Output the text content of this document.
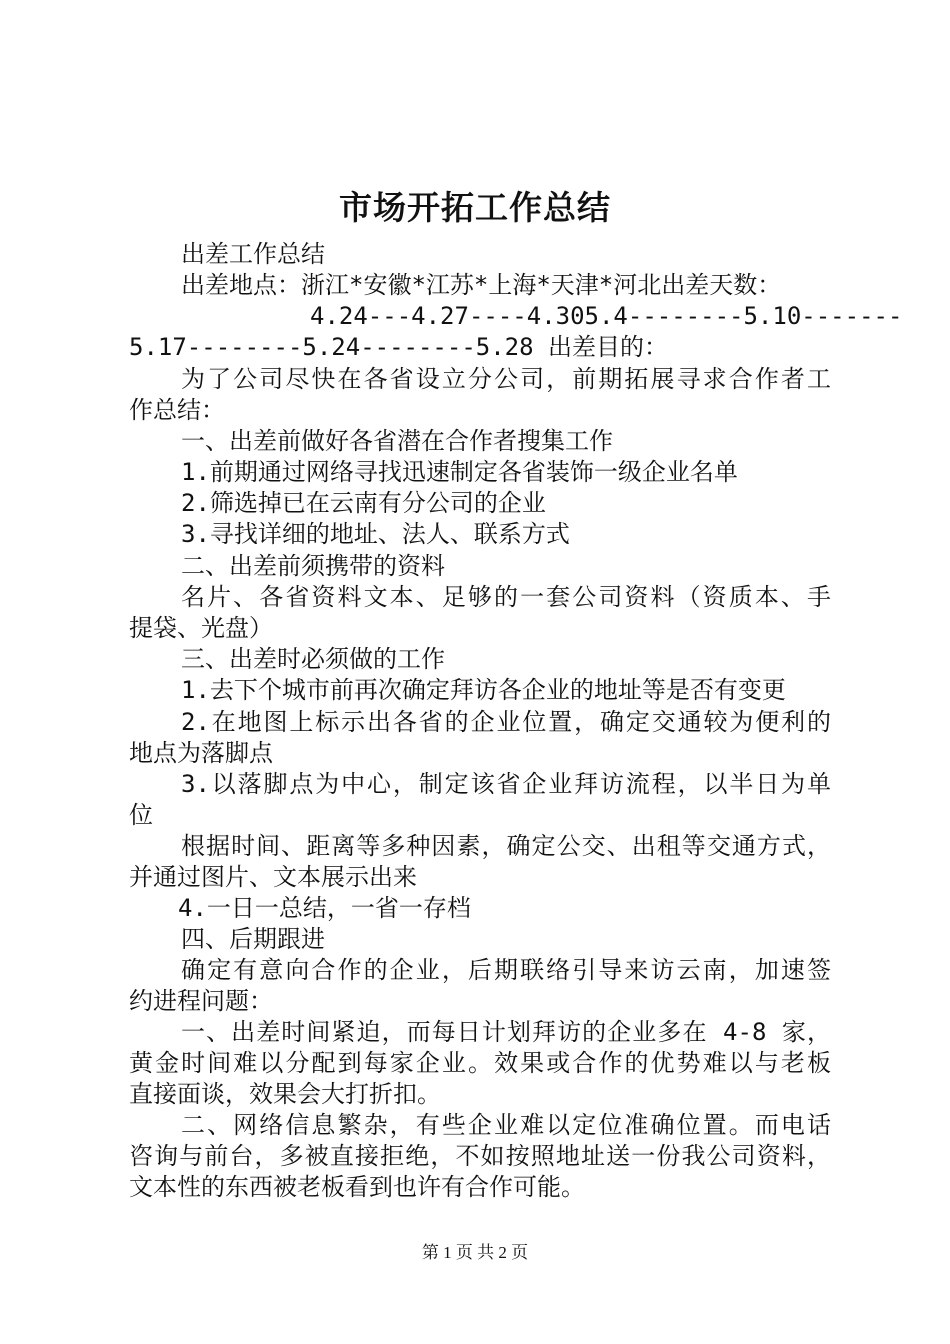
市场开拓工作总结
出差工作总结
出差地点：浙江*安徽*江苏*上海*天津*河北出差天数：
4.24---4.27----4.305.4--------5.10-------
5.17--------5.24--------5.28 出差目的：
为了公司尽快在各省设立分公司，前期拓展寻求合作者工
作总结：
一、出差前做好各省潜在合作者搜集工作
1.前期通过网络寻找迅速制定各省装饰一级企业名单
2.筛选掉已在云南有分公司的企业
3.寻找详细的地址、法人、联系方式
二、出差前须携带的资料
名片、各省资料文本、足够的一套公司资料（资质本、手
提袋、光盘）
三、出差时必须做的工作
1.去下个城市前再次确定拜访各企业的地址等是否有变更
2.在地图上标示出各省的企业位置，确定交通较为便利的
地点为落脚点
3.以落脚点为中心，制定该省企业拜访流程，以半日为单
位
根据时间、距离等多种因素，确定公交、出租等交通方式，
并通过图片、文本展示出来
4.一日一总结，一省一存档
四、后期跟进
确定有意向合作的企业，后期联络引导来访云南，加速签
约进程问题：
一、出差时间紧迫，而每日计划拜访的企业多在 4-8 家，
黄金时间难以分配到每家企业。效果或合作的优势难以与老板
直接面谈，效果会大打折扣。
二、网络信息繁杂，有些企业难以定位准确位置。而电话
咨询与前台，多被直接拒绝，不如按照地址送一份我公司资料，
文本性的东西被老板看到也许有合作可能。
第 1 页 共 2 页
